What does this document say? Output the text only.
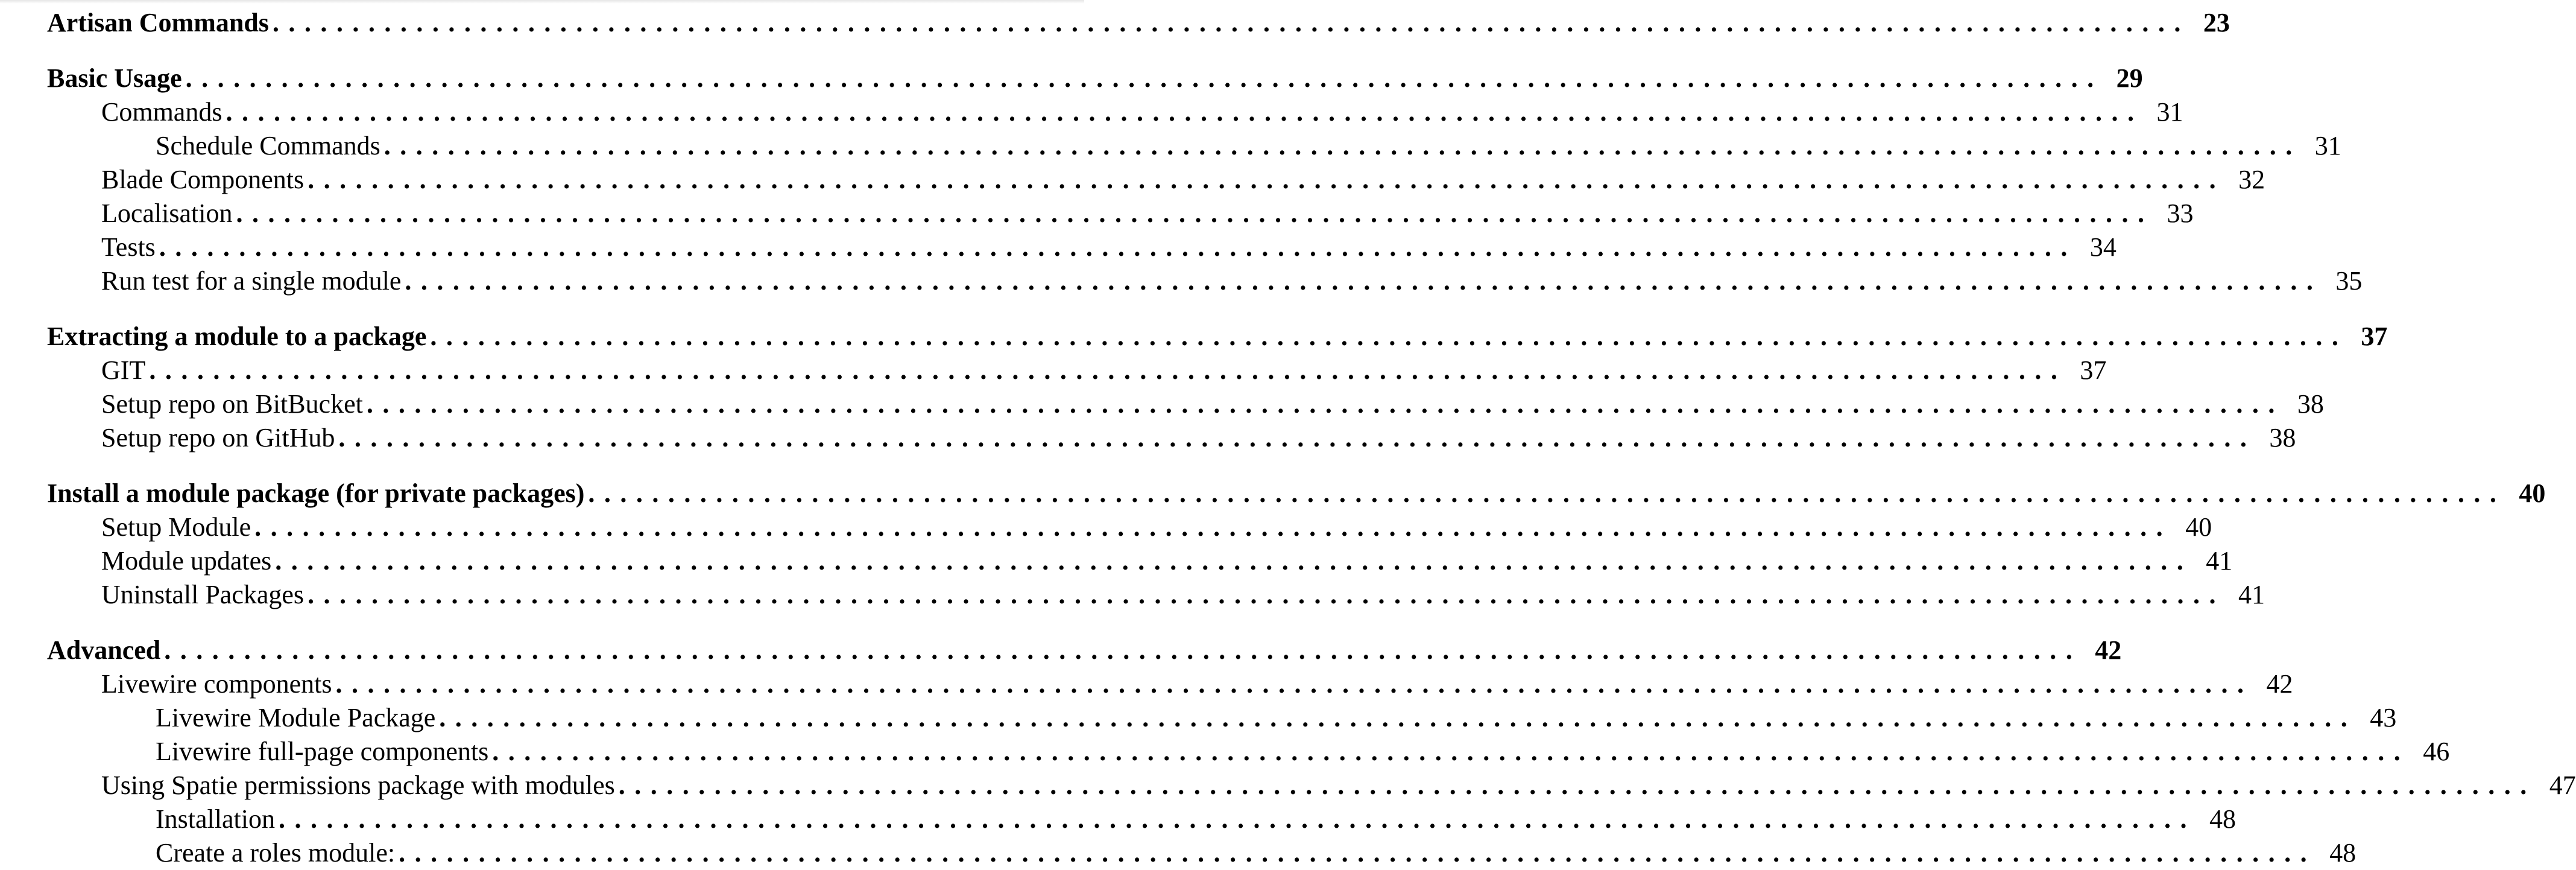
Artisan Commands ........................................................................................................................ 23
Basic Usage ........................................................................................................................ 29
Commands ........................................................................................................................ 31
Schedule Commands ........................................................................................................................ 31
Blade Components ........................................................................................................................ 32
Localisation ........................................................................................................................ 33
Tests ........................................................................................................................ 34
Run test for a single module ........................................................................................................................ 35
Extracting a module to a package ........................................................................................................................ 37
GIT ........................................................................................................................ 37
Setup repo on BitBucket ........................................................................................................................ 38
Setup repo on GitHub ........................................................................................................................ 38
Install a module package (for private packages) ........................................................................................................................ 40
Setup Module ........................................................................................................................ 40
Module updates ........................................................................................................................ 41
Uninstall Packages ........................................................................................................................ 41
Advanced ........................................................................................................................ 42
Livewire components ........................................................................................................................ 42
Livewire Module Package ........................................................................................................................ 43
Livewire full-page components ........................................................................................................................ 46
Using Spatie permissions package with modules ........................................................................................................................ 47
Installation ........................................................................................................................ 48
Create a roles module: ........................................................................................................................ 48
